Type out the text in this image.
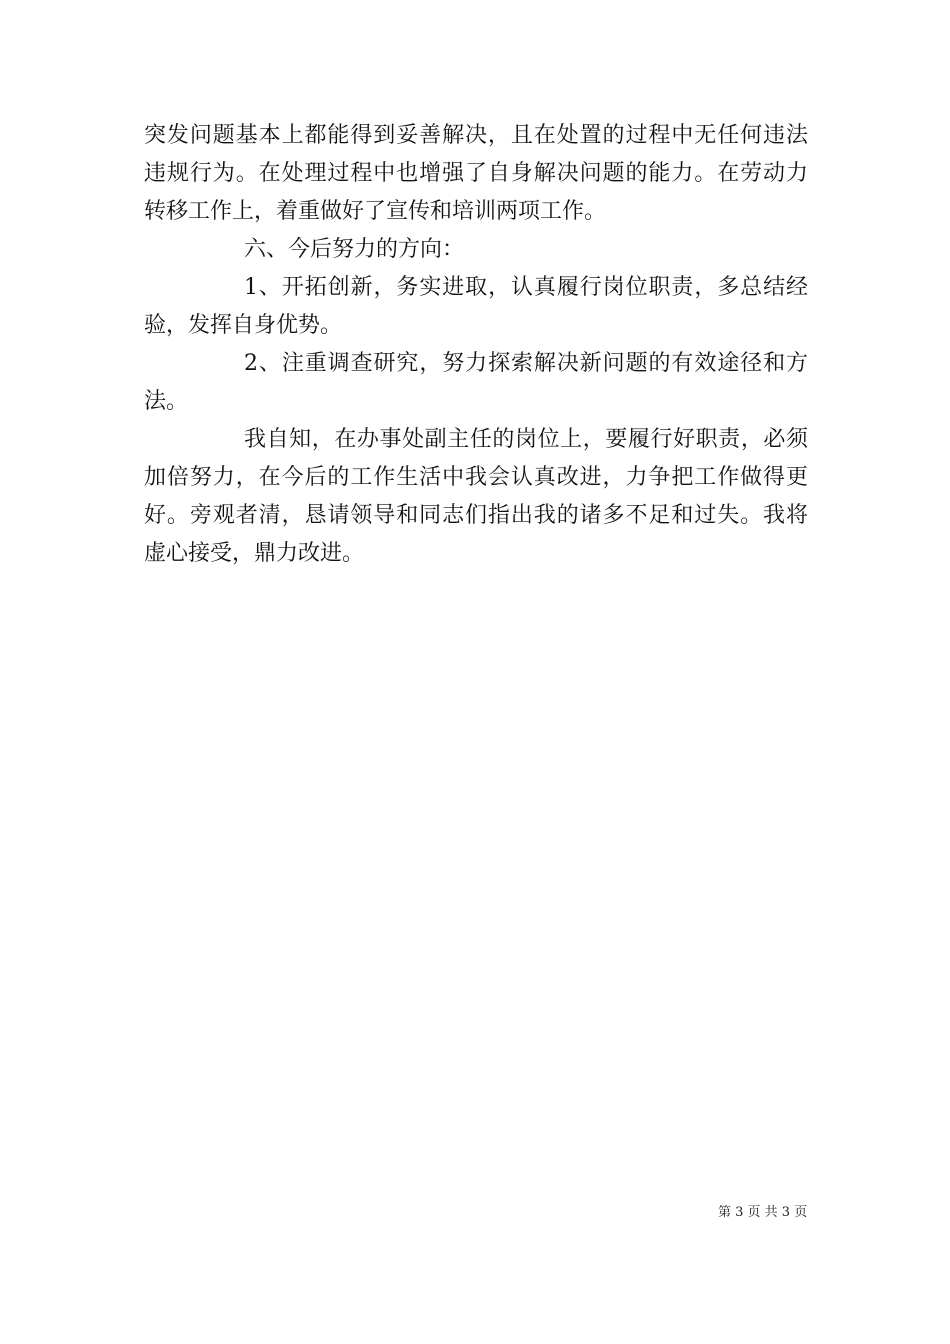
突发问题基本上都能得到妥善解决，且在处置的过程中无任何违法
违规行为。在处理过程中也增强了自身解决问题的能力。在劳动力
转移工作上，着重做好了宣传和培训两项工作。
六、今后努力的方向：
1、开拓创新，务实进取，认真履行岗位职责，多总结经
验，发挥自身优势。
2、注重调查研究，努力探索解决新问题的有效途径和方
法。
我自知，在办事处副主任的岗位上，要履行好职责，必须
加倍努力，在今后的工作生活中我会认真改进，力争把工作做得更
好。旁观者清，恳请领导和同志们指出我的诸多不足和过失。我将
虚心接受，鼎力改进。
第 3 页 共 3 页
